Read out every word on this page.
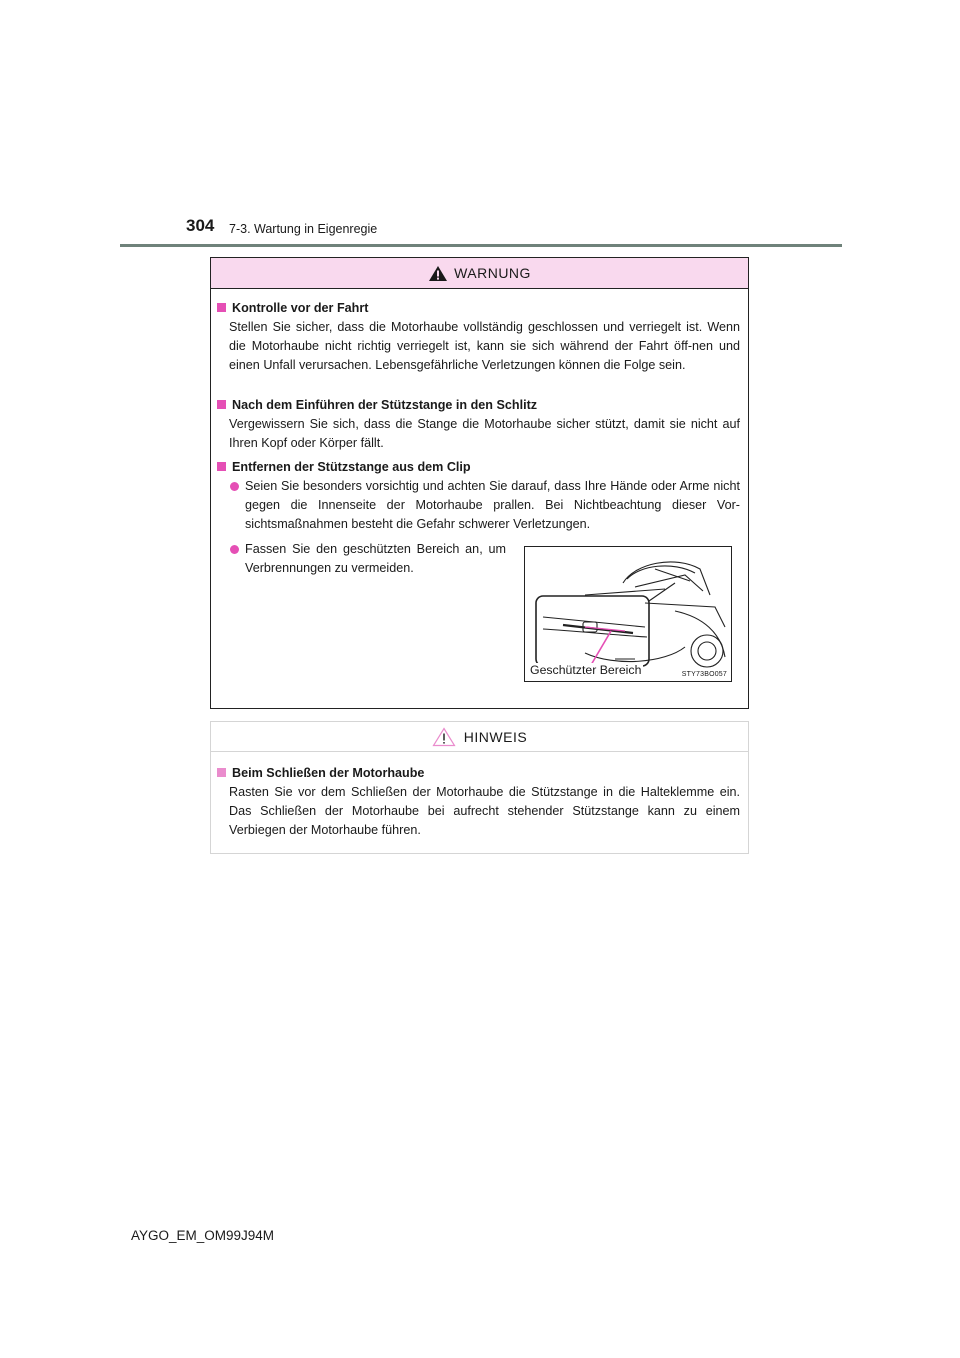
304 7-3. Wartung in Eigenregie
WARNUNG
Kontrolle vor der Fahrt
Stellen Sie sicher, dass die Motorhaube vollständig geschlossen und verriegelt ist. Wenn die Motorhaube nicht richtig verriegelt ist, kann sie sich während der Fahrt öff-nen und einen Unfall verursachen. Lebensgefährliche Verletzungen können die Folge sein.
Nach dem Einführen der Stützstange in den Schlitz
Vergewissern Sie sich, dass die Stange die Motorhaube sicher stützt, damit sie nicht auf Ihren Kopf oder Körper fällt.
Entfernen der Stützstange aus dem Clip
Seien Sie besonders vorsichtig und achten Sie darauf, dass Ihre Hände oder Arme nicht gegen die Innenseite der Motorhaube prallen. Bei Nichtbeachtung dieser Vor-sichtsmaßnahmen besteht die Gefahr schwerer Verletzungen.
Fassen Sie den geschützten Bereich an, um Verbrennungen zu vermeiden.
Geschützter Bereich	STY73BO057
HINWEIS
Beim Schließen der Motorhaube
Rasten Sie vor dem Schließen der Motorhaube die Stützstange in die Halteklemme ein. Das Schließen der Motorhaube bei aufrecht stehender Stützstange kann zu einem Verbiegen der Motorhaube führen.
AYGO_EM_OM99J94M
